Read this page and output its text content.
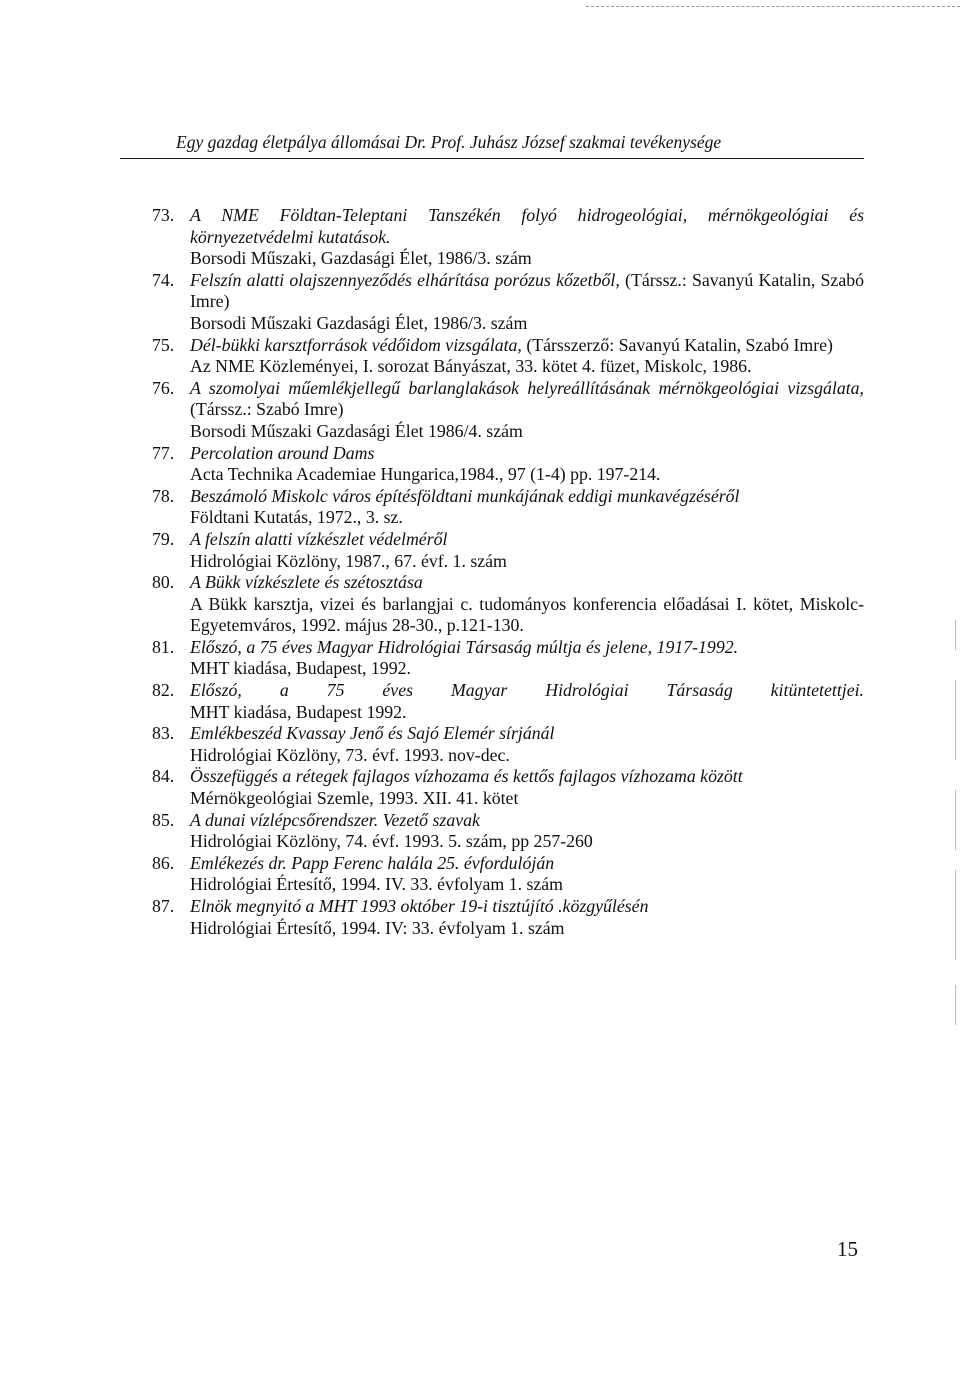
Egy gazdag életpálya állomásai Dr. Prof. Juhász József szakmai tevékenysége
73. A NME Földtan-Teleptani Tanszékén folyó hidrogeológiai, mérnökgeológiai és környezetvédelmi kutatások.
Borsodi Műszaki, Gazdasági Élet, 1986/3. szám
74. Felszín alatti olajszennyeződés elhárítása porózus kőzetből, (Társsz.: Savanyú Katalin, Szabó Imre)
Borsodi Műszaki Gazdasági Élet, 1986/3. szám
75. Dél-bükki karsztforrások védőidom vizsgálata, (Társszerző: Savanyú Katalin, Szabó Imre)
Az NME Közleményei, I. sorozat Bányászat, 33. kötet 4. füzet, Miskolc, 1986.
76. A szomolyai műemlékjellegű barlanglakások helyreállításának mérnökgeológiai vizsgálata, (Társsz.: Szabó Imre)
Borsodi Műszaki Gazdasági Élet 1986/4. szám
77. Percolation around Dams
Acta Technika Academiae Hungarica,1984., 97 (1-4) pp. 197-214.
78. Beszámoló Miskolc város építésföldtani munkájának eddigi munkavégzéséről
Földtani Kutatás, 1972., 3. sz.
79. A felszín alatti vízkészlet védelméről
Hidrológiai Közlöny, 1987., 67. évf. 1. szám
80. A Bükk vízkészlete és szétosztása
A Bükk karsztja, vizei és barlangjai c. tudományos konferencia előadásai I. kötet, Miskolc-Egyetemváros, 1992. május 28-30., p.121-130.
81. Előszó, a 75 éves Magyar Hidrológiai Társaság múltja és jelene, 1917-1992.
MHT kiadása, Budapest, 1992.
82. Előszó, a 75 éves Magyar Hidrológiai Társaság kitüntetettjei.
MHT kiadása, Budapest 1992.
83. Emlékbeszéd Kvassay Jenő és Sajó Elemér sírjánál
Hidrológiai Közlöny, 73. évf. 1993. nov-dec.
84. Összefüggés a rétegek fajlagos vízhozama és kettős fajlagos vízhozama között
Mérnökgeológiai Szemle, 1993. XII. 41. kötet
85. A dunai vízlépcsőrendszer. Vezető szavak
Hidrológiai Közlöny, 74. évf. 1993. 5. szám, pp 257-260
86. Emlékezés dr. Papp Ferenc halála 25. évfordulóján
Hidrológiai Értesítő, 1994. IV. 33. évfolyam 1. szám
87. Elnök megnyitó a MHT 1993 október 19-i tisztújító .közgyűlésén
Hidrológiai Értesítő, 1994. IV: 33. évfolyam 1. szám
15
